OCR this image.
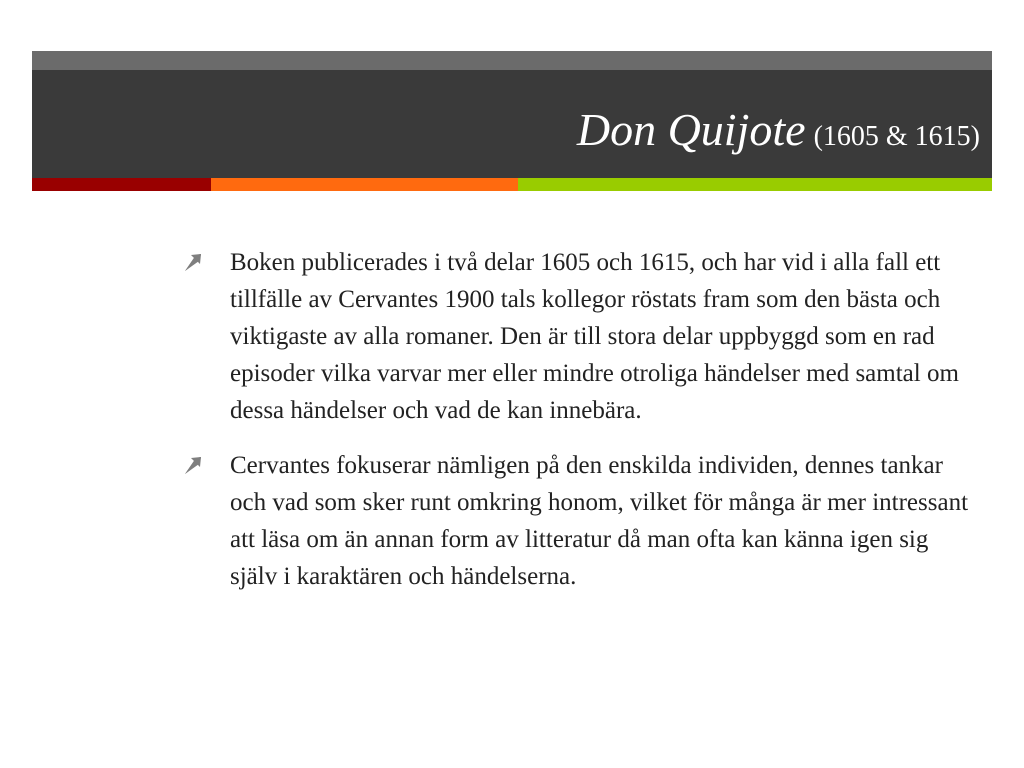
Don Quijote (1605 & 1615)
Boken publicerades i två delar 1605 och 1615, och har vid i alla fall ett tillfälle av Cervantes 1900 tals kollegor röstats fram som den bästa och viktigaste av alla romaner. Den är till stora delar uppbyggd som en rad episoder vilka varvar mer eller mindre otroliga händelser med samtal om dessa händelser och vad de kan innebära.
Cervantes fokuserar nämligen på den enskilda individen, dennes tankar och vad som sker runt omkring honom, vilket för många är mer intressant att läsa om än annan form av litteratur då man ofta kan känna igen sig själv i karaktären och händelserna.
